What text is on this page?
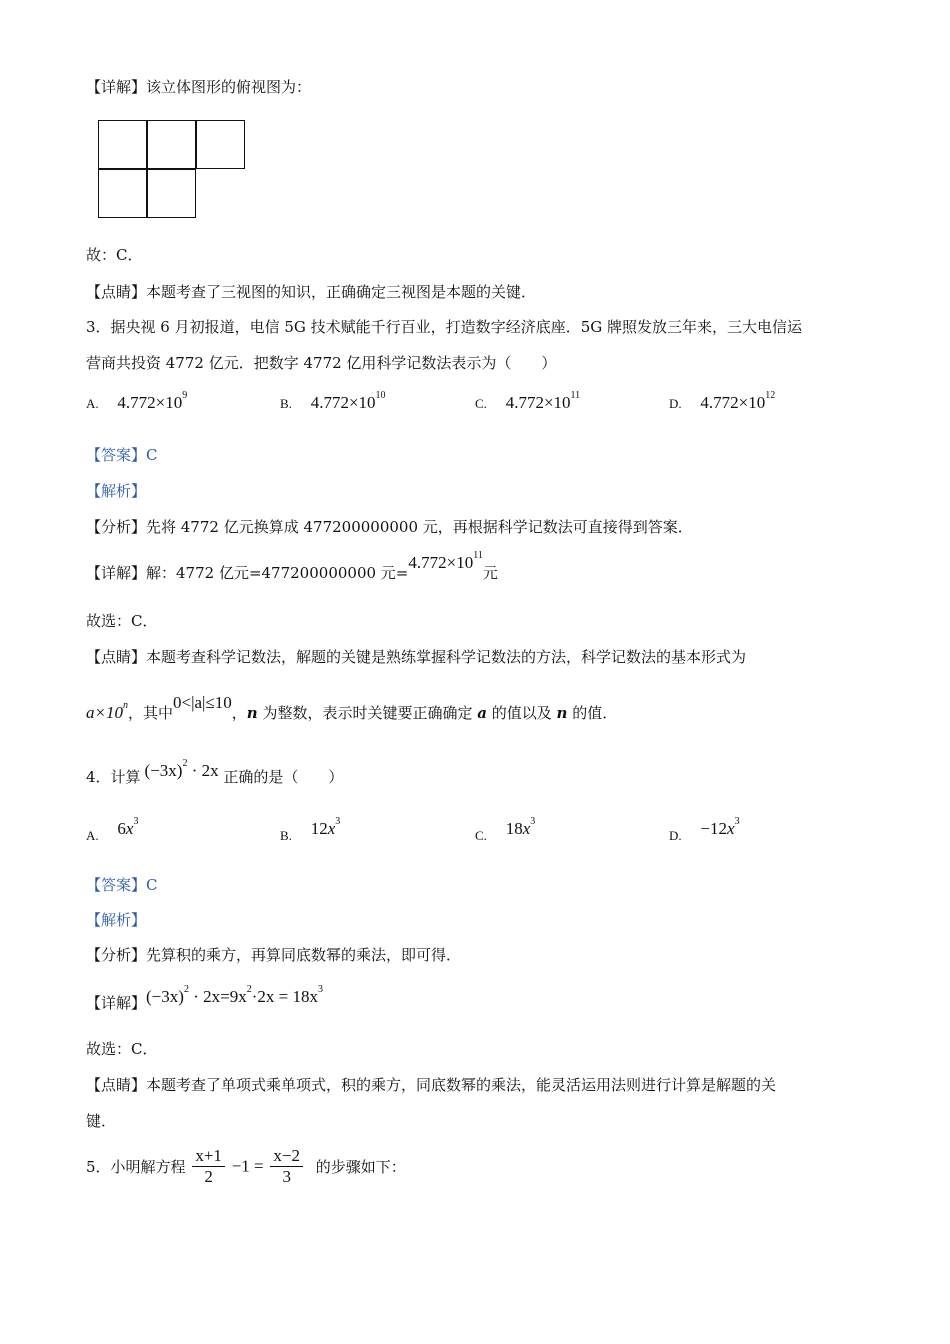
【详解】该立体图形的俯视图为：
故：C．
【点睛】本题考查了三视图的知识，正确确定三视图是本题的关键．
3．据央视 6 月初报道，电信 5G 技术赋能千行百业，打造数字经济底座．5G 牌照发放三年来，三大电信运
营商共投资 4772 亿元．把数字 4772 亿用科学记数法表示为（　　）
A. $4.772\times 10^9$
B. $4.772\times 10^{10}$
C. $4.772\times 10^{11}$
D. $4.772\times 10^{12}$
【答案】C
【解析】
【分析】先将 4772 亿元换算成 477200000000 元，再根据科学记数法可直接得到答案．
【详解】解：4772 亿元=477200000000 元$=4.772\times 10^{11}$元
故选：C．
【点睛】本题考查科学记数法，解题的关键是熟练掌握科学记数法的方法，科学记数法的基本形式为
$a\times 10^n$，其中0<|a|≤10，n 为整数，表示时关键要正确确定 a 的值以及 n 的值．
4．计算 $(-3x)^2 \cdot 2x$ 正确的是（　　）
A. $6x^3$
B. $12x^3$
C. $18x^3$
D. $-12x^3$
【答案】C
【解析】
【分析】先算积的乘方，再算同底数幂的乘法，即可得．
【详解】$(-3x)^2 \cdot 2x=9x^2\cdot 2x = 18x^3$
故选：C．
【点睛】本题考查了单项式乘单项式，积的乘方，同底数幂的乘法，能灵活运用法则进行计算是解题的关
键．
5．小明解方程 $\frac{x+1}{2} -1 = \frac{x-2}{3}$ 的步骤如下：
